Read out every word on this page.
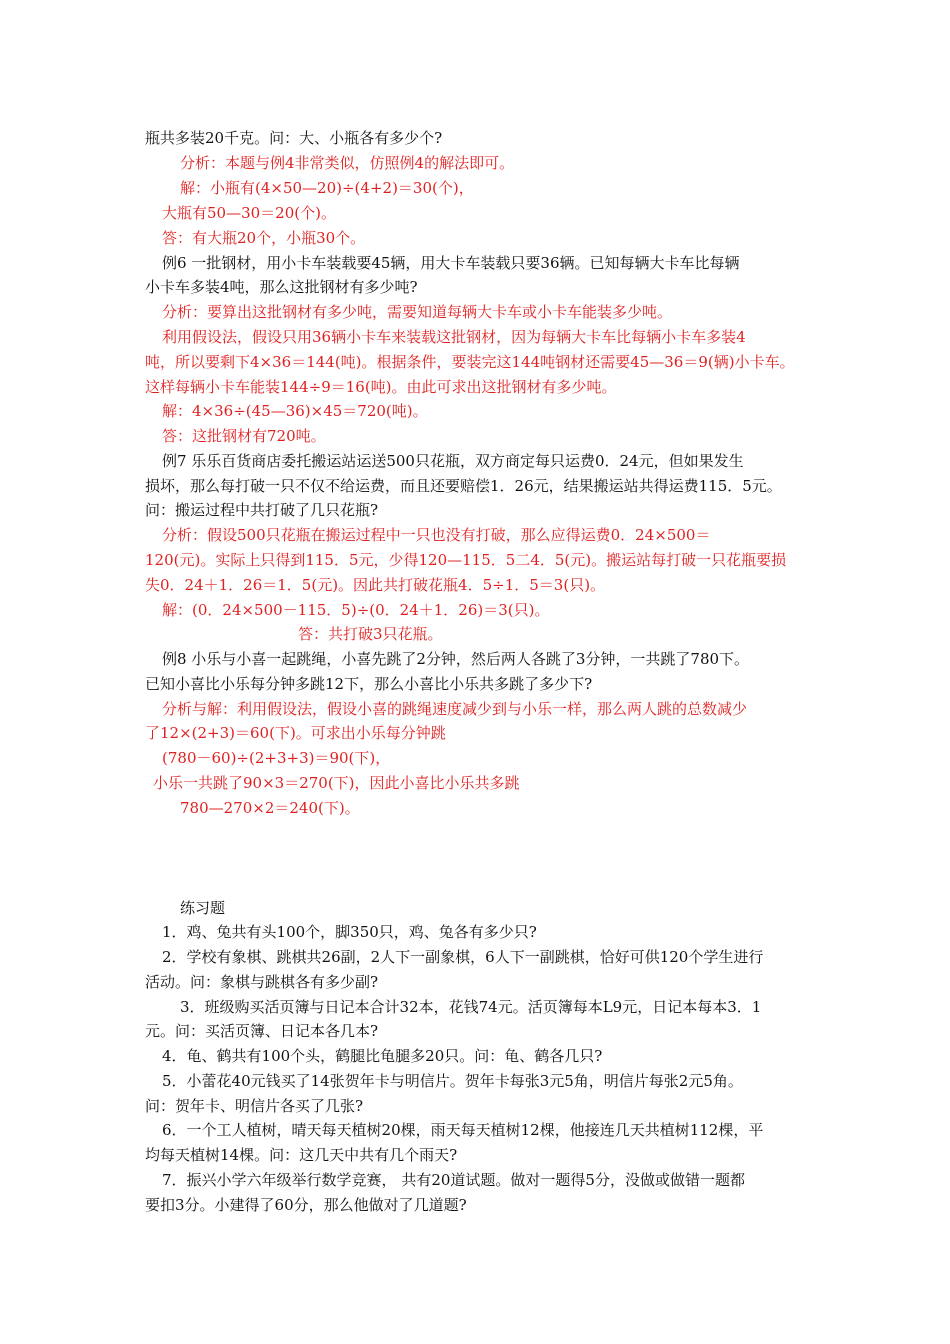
瓶共多装20千克。问：大、小瓶各有多少个?
分析：本题与例4非常类似，仿照例4的解法即可。
解：小瓶有(4×50—20)÷(4+2)＝30(个)，
大瓶有50—30＝20(个)。
答：有大瓶20个，小瓶30个。
例6 一批钢材，用小卡车装载要45辆，用大卡车装载只要36辆。已知每辆大卡车比每辆
小卡车多装4吨，那么这批钢材有多少吨?
分析：要算出这批钢材有多少吨，需要知道每辆大卡车或小卡车能装多少吨。
利用假设法，假设只用36辆小卡车来装载这批钢材，因为每辆大卡车比每辆小卡车多装4
吨，所以要剩下4×36＝144(吨)。根据条件，要装完这144吨钢材还需要45—36＝9(辆)小卡车。
这样每辆小卡车能装144÷9＝16(吨)。由此可求出这批钢材有多少吨。
解：4×36÷(45—36)×45＝720(吨)。
答：这批钢材有720吨。
例7 乐乐百货商店委托搬运站运送500只花瓶，双方商定每只运费0．24元，但如果发生
损坏，那么每打破一只不仅不给运费，而且还要赔偿1．26元，结果搬运站共得运费115．5元。
问：搬运过程中共打破了几只花瓶?
分析：假设500只花瓶在搬运过程中一只也没有打破，那么应得运费0．24×500＝
120(元)。实际上只得到115．5元，少得120—115．5二4．5(元)。搬运站每打破一只花瓶要损
失0．24＋1．26＝1．5(元)。因此共打破花瓶4．5÷1．5＝3(只)。
解：(0．24×500－115．5)÷(0．24＋1．26)＝3(只)。
答：共打破3只花瓶。
例8 小乐与小喜一起跳绳，小喜先跳了2分钟，然后两人各跳了3分钟，一共跳了780下。
已知小喜比小乐每分钟多跳12下，那么小喜比小乐共多跳了多少下?
分析与解：利用假设法，假设小喜的跳绳速度减少到与小乐一样，那么两人跳的总数减少
了12×(2+3)＝60(下)。可求出小乐每分钟跳
(780－60)÷(2+3+3)＝90(下)，
小乐一共跳了90×3＝270(下)，因此小喜比小乐共多跳
780—270×2＝240(下)。
练习题
1．鸡、兔共有头100个，脚350只，鸡、兔各有多少只?
2．学校有象棋、跳棋共26副，2人下一副象棋，6人下一副跳棋，恰好可供120个学生进行
活动。问：象棋与跳棋各有多少副?
3．班级购买活页簿与日记本合计32本，花钱74元。活页簿每本L9元，日记本每本3．1
元。问：买活页簿、日记本各几本?
4．龟、鹤共有100个头，鹤腿比龟腿多20只。问：龟、鹤各几只?
5．小蕾花40元钱买了14张贺年卡与明信片。贺年卡每张3元5角，明信片每张2元5角。
问：贺年卡、明信片各买了几张?
6．一个工人植树，晴天每天植树20棵，雨天每天植树12棵，他接连几天共植树112棵，平
均每天植树14棵。问：这几天中共有几个雨天?
7．振兴小学六年级举行数学竞赛， 共有20道试题。做对一题得5分，没做或做错一题都
要扣3分。小建得了60分，那么他做对了几道题?
